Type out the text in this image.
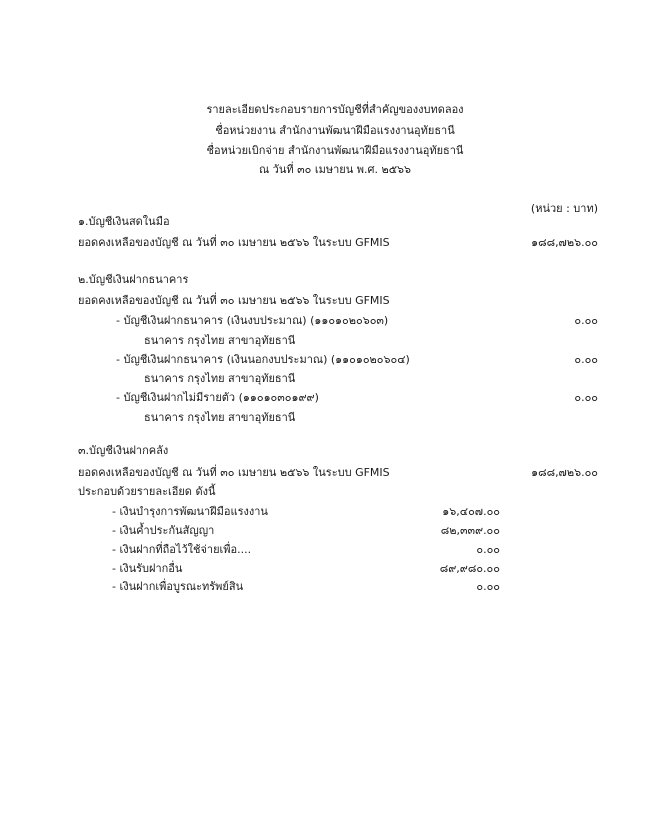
รายละเอียดประกอบรายการบัญชีที่สำคัญของงบทดลอง
ชื่อหน่วยงาน สำนักงานพัฒนาฝีมือแรงงานอุทัยธานี
ชื่อหน่วยเบิกจ่าย สำนักงานพัฒนาฝีมือแรงงานอุทัยธานี
ณ วันที่ ๓๐ เมษายน พ.ศ. ๒๕๖๖
(หน่วย : บาท)
๑.บัญชีเงินสดในมือ
ยอดคงเหลือของบัญชี ณ วันที่ ๓๐ เมษายน ๒๕๖๖ ในระบบ GFMIS	๑๘๘,๗๒๖.๐๐
๒.บัญชีเงินฝากธนาคาร
ยอดคงเหลือของบัญชี ณ วันที่ ๓๐ เมษายน ๒๕๖๖ ในระบบ GFMIS
- บัญชีเงินฝากธนาคาร (เงินงบประมาณ) (๑๑๐๑๐๒๐๖๐๓)	๐.๐๐
ธนาคาร กรุงไทย สาขาอุทัยธานี
- บัญชีเงินฝากธนาคาร (เงินนอกงบประมาณ) (๑๑๐๑๐๒๐๖๐๔)	๐.๐๐
ธนาคาร กรุงไทย สาขาอุทัยธานี
- บัญชีเงินฝากไม่มีรายตัว (๑๑๐๑๐๓๐๑๙๙)	๐.๐๐
ธนาคาร กรุงไทย สาขาอุทัยธานี
๓.บัญชีเงินฝากคลัง
ยอดคงเหลือของบัญชี ณ วันที่ ๓๐ เมษายน ๒๕๖๖ ในระบบ GFMIS	๑๘๘,๗๒๖.๐๐
ประกอบด้วยรายละเอียด ดังนี้
- เงินบำรุงการพัฒนาฝีมือแรงงาน	๑๖,๔๐๗.๐๐
- เงินค้ำประกันสัญญา	๘๒,๓๓๙.๐๐
- เงินฝากที่ถือไว้ใช้จ่ายเพื่อ....	๐.๐๐
- เงินรับฝากอื่น	๘๙,๙๘๐.๐๐
- เงินฝากเพื่อบูรณะทรัพย์สิน	๐.๐๐
